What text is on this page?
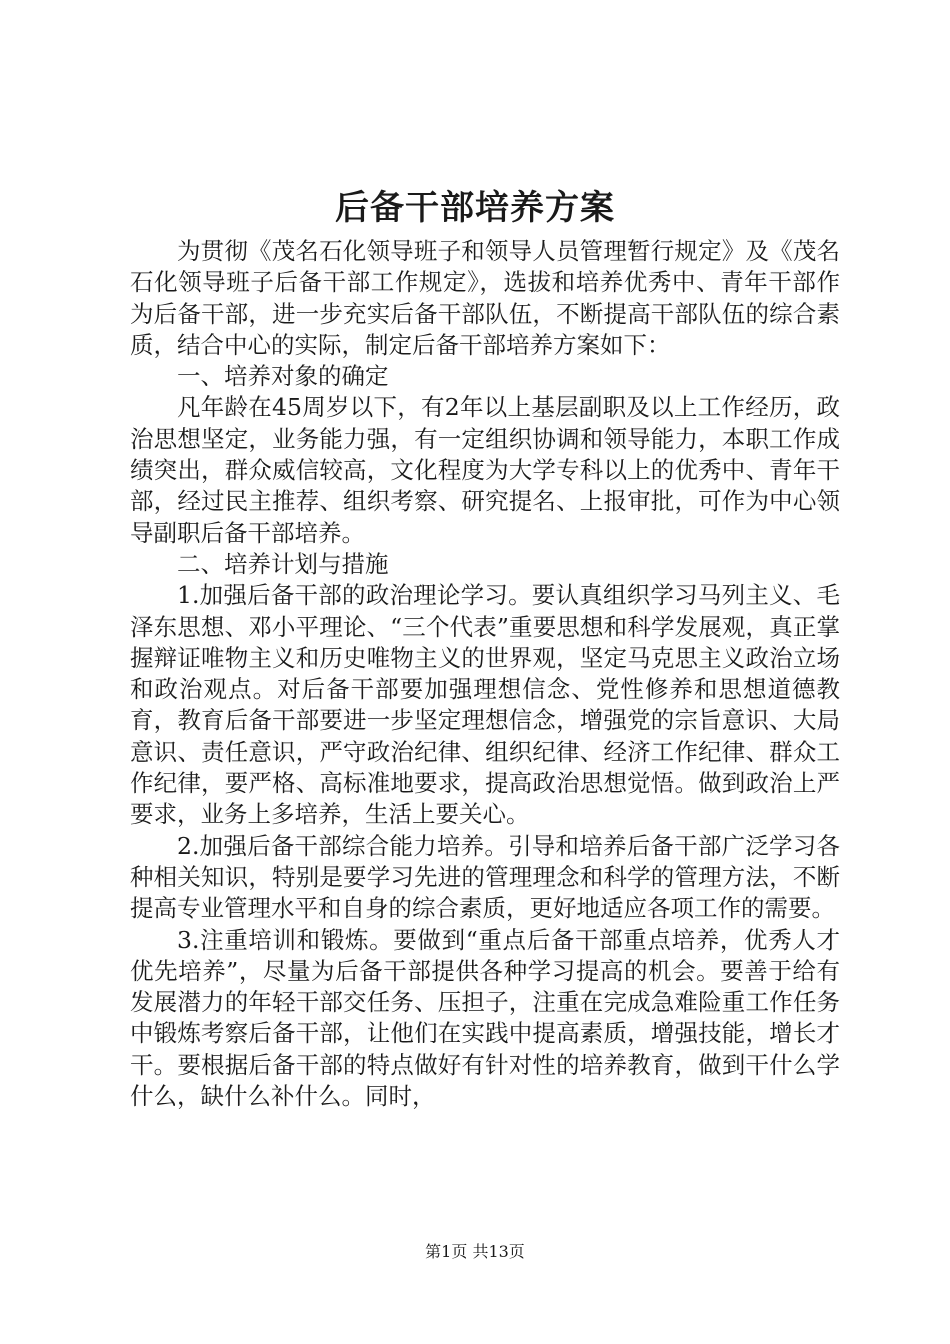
后备干部培养方案

为贯彻《茂名石化领导班子和领导人员管理暂行规定》及《茂名石化领导班子后备干部工作规定》，选拔和培养优秀中、青年干部作为后备干部，进一步充实后备干部队伍，不断提高干部队伍的综合素质，结合中心的实际，制定后备干部培养方案如下：

一、培养对象的确定

凡年龄在45周岁以下，有2年以上基层副职及以上工作经历，政治思想坚定，业务能力强，有一定组织协调和领导能力，本职工作成绩突出，群众威信较高，文化程度为大学专科以上的优秀中、青年干部，经过民主推荐、组织考察、研究提名、上报审批，可作为中心领导副职后备干部培养。

二、培养计划与措施

1.加强后备干部的政治理论学习。要认真组织学习马列主义、毛泽东思想、邓小平理论、“三个代表”重要思想和科学发展观，真正掌握辩证唯物主义和历史唯物主义的世界观，坚定马克思主义政治立场和政治观点。对后备干部要加强理想信念、党性修养和思想道德教育，教育后备干部要进一步坚定理想信念，增强党的宗旨意识、大局意识、责任意识，严守政治纪律、组织纪律、经济工作纪律、群众工作纪律，要严格、高标准地要求，提高政治思想觉悟。做到政治上严要求，业务上多培养，生活上要关心。

2.加强后备干部综合能力培养。引导和培养后备干部广泛学习各种相关知识，特别是要学习先进的管理理念和科学的管理方法，不断提高专业管理水平和自身的综合素质，更好地适应各项工作的需要。

3.注重培训和锻炼。要做到“重点后备干部重点培养，优秀人才优先培养”，尽量为后备干部提供各种学习提高的机会。要善于给有发展潜力的年轻干部交任务、压担子，注重在完成急难险重工作任务中锻炼考察后备干部，让他们在实践中提高素质，增强技能，增长才干。要根据后备干部的特点做好有针对性的培养教育，做到干什么学什么，缺什么补什么。同时，

第1页 共13页
